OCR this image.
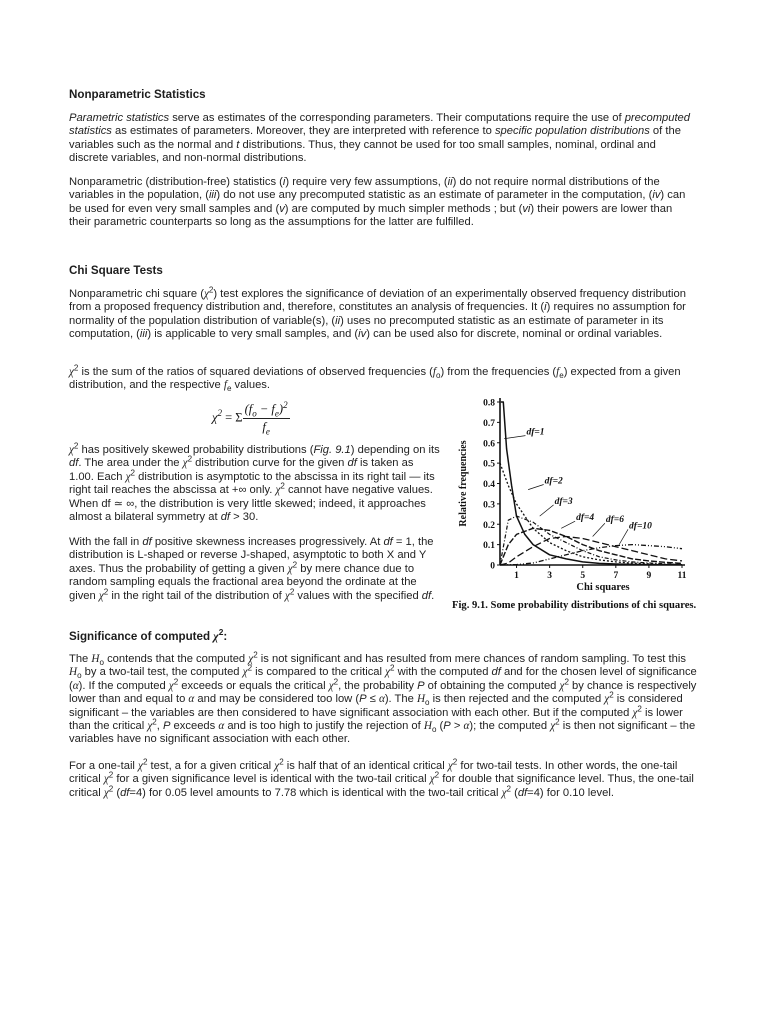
Nonparametric Statistics

Parametric statistics serve as estimates of the corresponding parameters. Their computations require the use of precomputed statistics as estimates of parameters. Moreover, they are interpreted with reference to specific population distributions of the variables such as the normal and t distributions. Thus, they cannot be used for too small samples, nominal, ordinal and discrete variables, and non-normal distributions.

Nonparametric (distribution-free) statistics (i) require very few assumptions, (ii) do not require normal distributions of the variables in the population, (iii) do not use any precomputed statistic as an estimate of parameter in the computation, (iv) can be used for even very small samples and (v) are computed by much simpler methods ; but (vi) their powers are lower than their parametric counterparts so long as the assumptions for the latter are fulfilled.

Chi Square Tests

Nonparametric chi square $(\chi^2)$ test explores the significance of deviation of an experimentally observed frequency distribution from a proposed frequency distribution and, therefore, constitutes an analysis of frequencies. It (i) requires no assumption for normality of the population distribution of variable(s), (ii) uses no precomputed statistic as an estimate of parameter in its computation, (iii) is applicable to very small samples, and (iv) can be used also for discrete, nominal or ordinal variables.

$\chi^2$ is the sum of the ratios of squared deviations of observed frequencies $(f_o)$ from the frequencies $(f_e)$ expected from a given distribution, and the respective $f_e$ values.

$\chi^2 = \Sigma \frac{(f_o - f_e)^2}{f_e}$

$\chi^2$ has positively skewed probability distributions (Fig. 9.1) depending on its df. The area under the $\chi^2$ distribution curve for the given df is taken as 1.00. Each $\chi^2$ distribution is asymptotic to the abscissa in its right tail — its right tail reaches the abscissa at +∞ only. $\chi^2$ cannot have negative values. When df ≃ ∞, the distribution is very little skewed; indeed, it approaches almost a bilateral symmetry at df > 30.

With the fall in df positive skewness increases progressively. At df = 1, the distribution is L-shaped or reverse J-shaped, asymptotic to both X and Y axes. Thus the probability of getting a given $\chi^2$ by mere chance due to random sampling equals the fractional area beyond the ordinate at the given $\chi^2$ in the right tail of the distribution of $\chi^2$ values with the specified df.

0
0.1
0.2
0.3
0.4
0.5
0.6
0.7
0.8
1	3	5	7	9	11
Relative frequencies
Chi squares
df=1
df=2
df=3
df=4 df=6
df=10
Fig. 9.1. Some probability distributions of chi squares.
Significance of computed $\chi^2$:

The $H_o$ contends that the computed $\chi^2$ is not significant and has resulted from mere chances of random sampling. To test this $H_o$ by a two-tail test, the computed $\chi^2$ is compared to the critical $\chi^2$ with the computed df and for the chosen level of significance (α). If the computed $\chi^2$ exceeds or equals the critical $\chi^2$, the probability P of obtaining the computed $\chi^2$ by chance is respectively lower than and equal to α and may be considered too low (P ≤ α). The $H_o$ is then rejected and the computed $\chi^2$ is considered significant – the variables are then considered to have significant association with each other. But if the computed $\chi^2$ is lower than the critical $\chi^2$, P exceeds α and is too high to justify the rejection of $H_o$ (P > α); the computed $\chi^2$ is then not significant – the variables have no significant association with each other.

For a one-tail $\chi^2$ test, a for a given critical $\chi^2$ is half that of an identical critical $\chi^2$ for two-tail tests. In other words, the one-tail critical $\chi^2$ for a given significance level is identical with the two-tail critical $\chi^2$ for double that significance level. Thus, the one-tail critical $\chi^2$ (df=4) for 0.05 level amounts to 7.78 which is identical with the two-tail critical $\chi^2$ (df=4) for 0.10 level.
